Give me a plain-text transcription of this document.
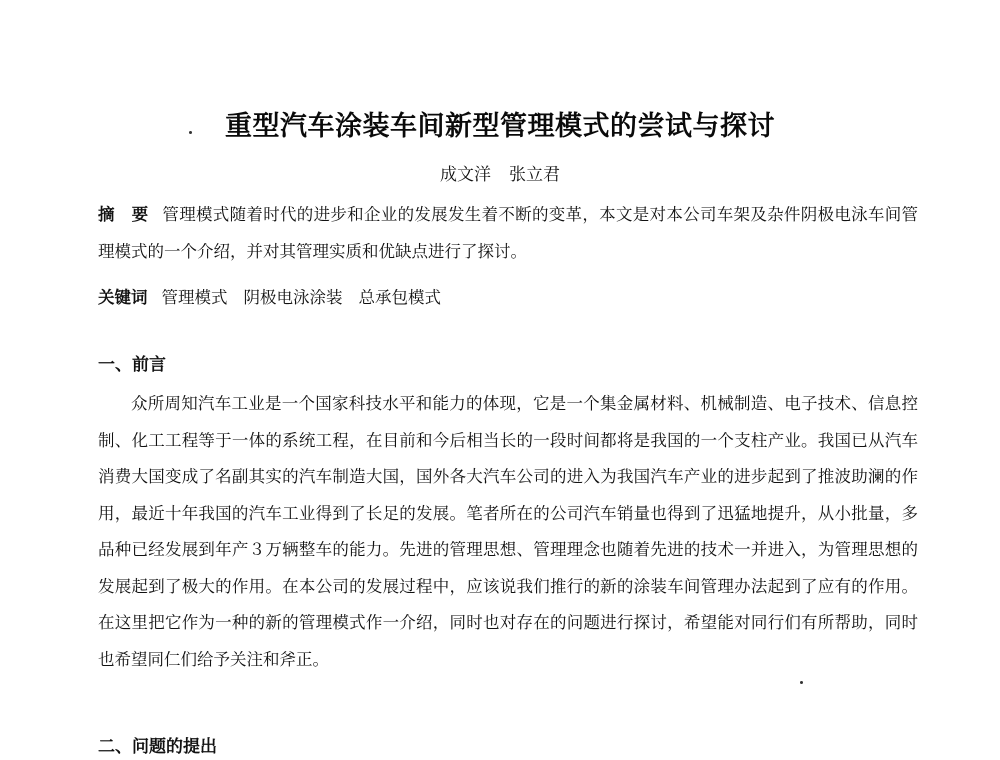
重型汽车涂装车间新型管理模式的尝试与探讨
成文洋 张立君
摘　要 管理模式随着时代的进步和企业的发展发生着不断的变革，本文是对本公司车架及杂件阴极电泳车间管理模式的一个介绍，并对其管理实质和优缺点进行了探讨。
关键词 管理模式 阴极电泳涂装 总承包模式
一、前言
众所周知汽车工业是一个国家科技水平和能力的体现，它是一个集金属材料、机械制造、电子技术、信息控制、化工工程等于一体的系统工程，在目前和今后相当长的一段时间都将是我国的一个支柱产业。我国已从汽车消费大国变成了名副其实的汽车制造大国，国外各大汽车公司的进入为我国汽车产业的进步起到了推波助澜的作用，最近十年我国的汽车工业得到了长足的发展。笔者所在的公司汽车销量也得到了迅猛地提升，从小批量，多品种已经发展到年产３万辆整车的能力。先进的管理思想、管理理念也随着先进的技术一并进入，为管理思想的发展起到了极大的作用。在本公司的发展过程中，应该说我们推行的新的涂装车间管理办法起到了应有的作用。在这里把它作为一种的新的管理模式作一介绍，同时也对存在的问题进行探讨，希望能对同行们有所帮助，同时也希望同仁们给予关注和斧正。
二、问题的提出
